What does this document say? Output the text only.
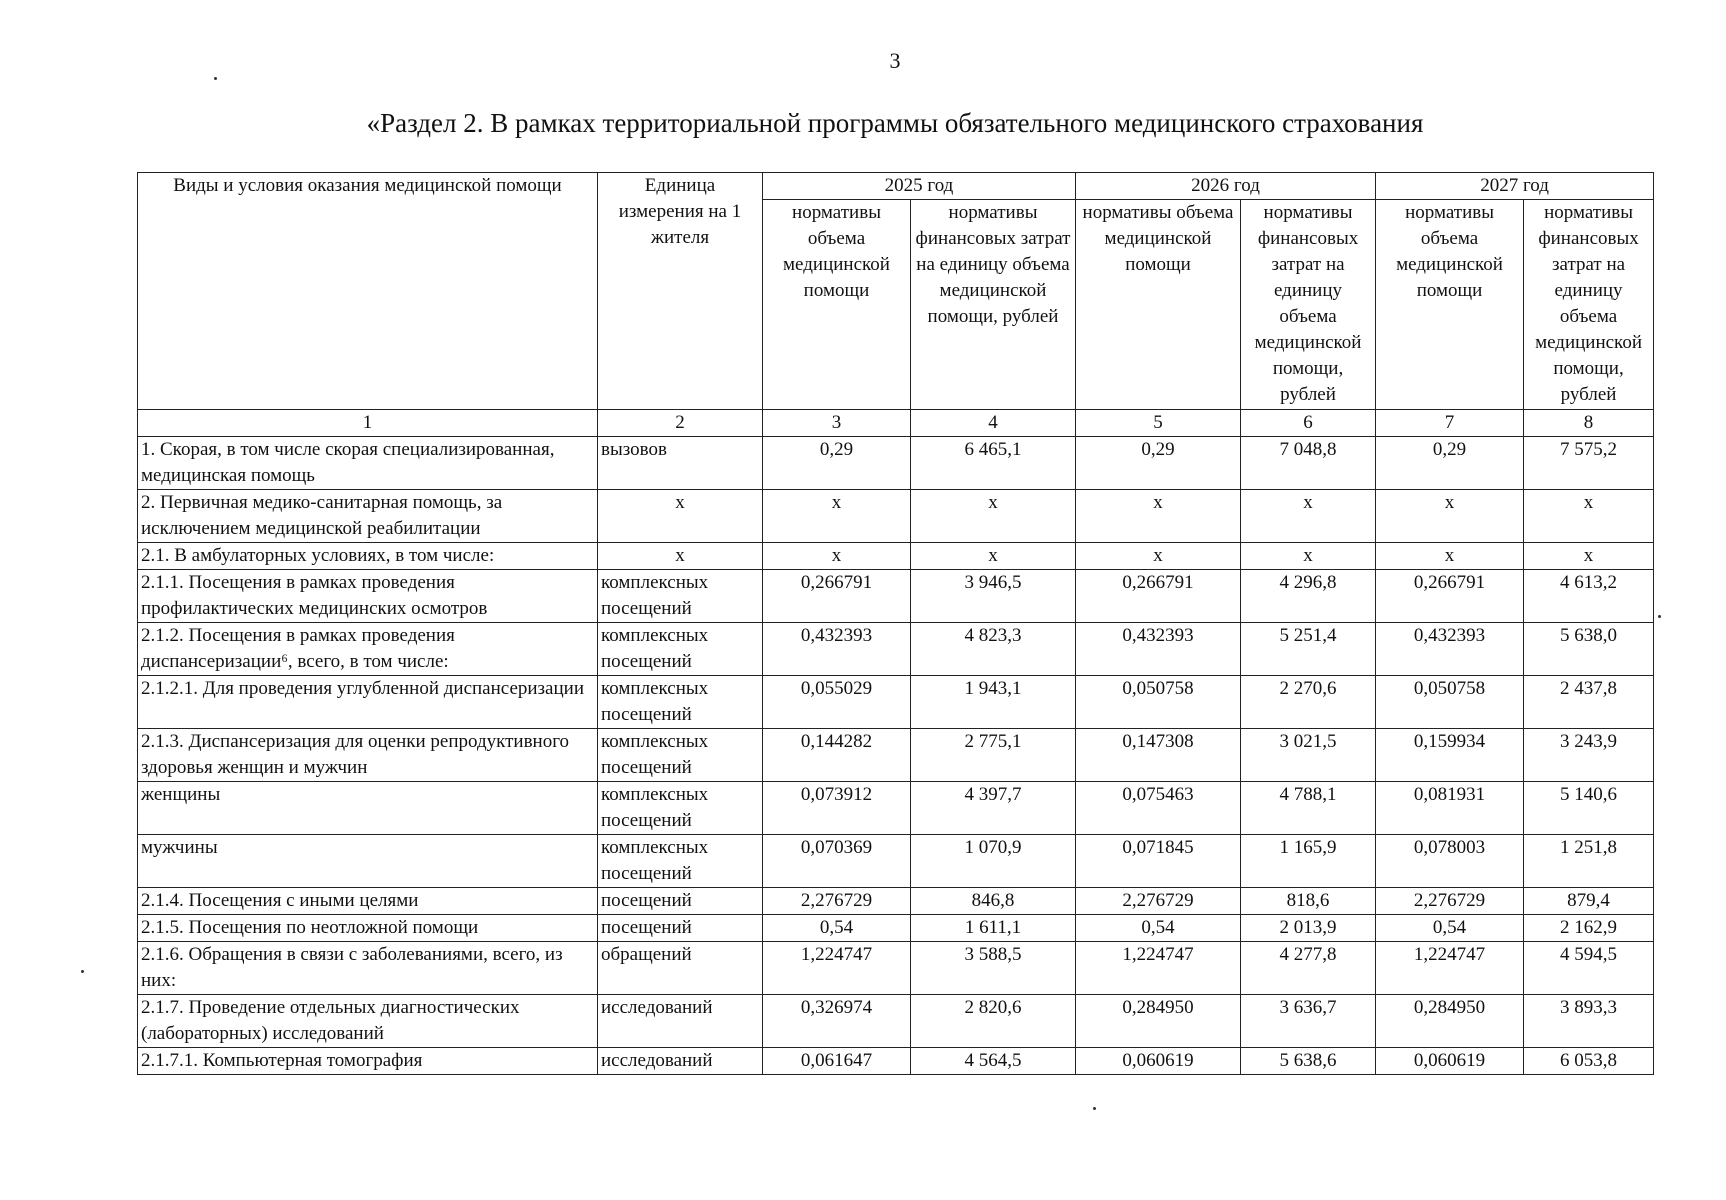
3
«Раздел 2. В рамках территориальной программы обязательного медицинского страхования
Виды и условия оказания медицинской помощи	Единица измерения на 1 жителя	2025 год		2026 год		2027 год	
		нормативы объема медицинской помощи	нормативы финансовых затрат на единицу объема медицинской помощи, рублей	нормативы объема медицинской помощи	нормативы финансовых затрат на единицу объема медицинской помощи, рублей	нормативы объема медицинской помощи	нормативы финансовых затрат на единицу объема медицинской помощи, рублей
1	2	3	4	5	6	7	8
1. Скорая, в том числе скорая специализированная, медицинская помощь	вызовов	0,29	6 465,1	0,29	7 048,8	0,29	7 575,2
2. Первичная медико-санитарная помощь, за исключением медицинской реабилитации	х	х	х	х	х	х	х
2.1. В амбулаторных условиях, в том числе:	х	х	х	х	х	х	х
2.1.1. Посещения в рамках проведения профилактических медицинских осмотров	комплексных посещений	0,266791	3 946,5	0,266791	4 296,8	0,266791	4 613,2
2.1.2. Посещения в рамках проведения диспансеризации⁶, всего, в том числе:	комплексных посещений	0,432393	4 823,3	0,432393	5 251,4	0,432393	5 638,0
2.1.2.1. Для проведения углубленной диспансеризации	комплексных посещений	0,055029	1 943,1	0,050758	2 270,6	0,050758	2 437,8
2.1.3. Диспансеризация для оценки репродуктивного здоровья женщин и мужчин	комплексных посещений	0,144282	2 775,1	0,147308	3 021,5	0,159934	3 243,9
женщины	комплексных посещений	0,073912	4 397,7	0,075463	4 788,1	0,081931	5 140,6
мужчины	комплексных посещений	0,070369	1 070,9	0,071845	1 165,9	0,078003	1 251,8
2.1.4. Посещения с иными целями	посещений	2,276729	846,8	2,276729	818,6	2,276729	879,4
2.1.5. Посещения по неотложной помощи	посещений	0,54	1 611,1	0,54	2 013,9	0,54	2 162,9
2.1.6. Обращения в связи с заболеваниями, всего, из них:	обращений	1,224747	3 588,5	1,224747	4 277,8	1,224747	4 594,5
2.1.7. Проведение отдельных диагностических (лабораторных) исследований	исследований	0,326974	2 820,6	0,284950	3 636,7	0,284950	3 893,3
2.1.7.1. Компьютерная томография	исследований	0,061647	4 564,5	0,060619	5 638,6	0,060619	6 053,8
